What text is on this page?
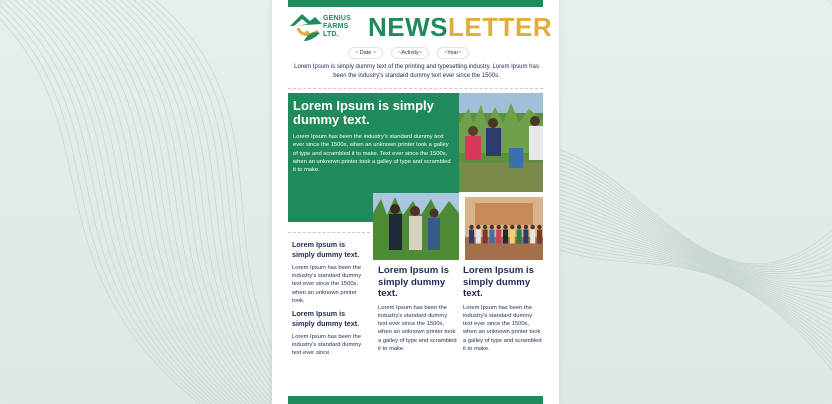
GENIUS
FARMS
LTD.	NEWSLETTER
~ Date ~	~Activity~	~Year~

Lorem Ipsum is simply dummy text of the printing and typesetting industry. Lorem Ipsum has been the industry's standard dummy text ever since the 1500s.

Lorem Ipsum is simply dummy text.

Lorem Ipsum has been the industry's standard dummy text ever since the 1500s, when an unknown printer took a galley of type and scrambled it to make. Text ever since the 1500s, when an unknown printer took a galley of type and scrambled it to make.

Lorem Ipsum is simply dummy text.

Lorem Ipsum has been the industry's standard dummy text ever since the 1500s, when an unknown printer took.

Lorem Ipsum is simply dummy text.

Lorem Ipsum has been the industry's standard dummy text ever since.

Lorem Ipsum is simply dummy text.

Lorem Ipsum has been the industry's standard dummy text ever since the 1500s, when an unknown printer took a galley of type and scrambled it to make.

Lorem Ipsum is simply dummy text.

Lorem Ipsum has been the industry's standard dummy text ever since the 1500s, when an unknown printer took a galley of type and scrambled it to make.
